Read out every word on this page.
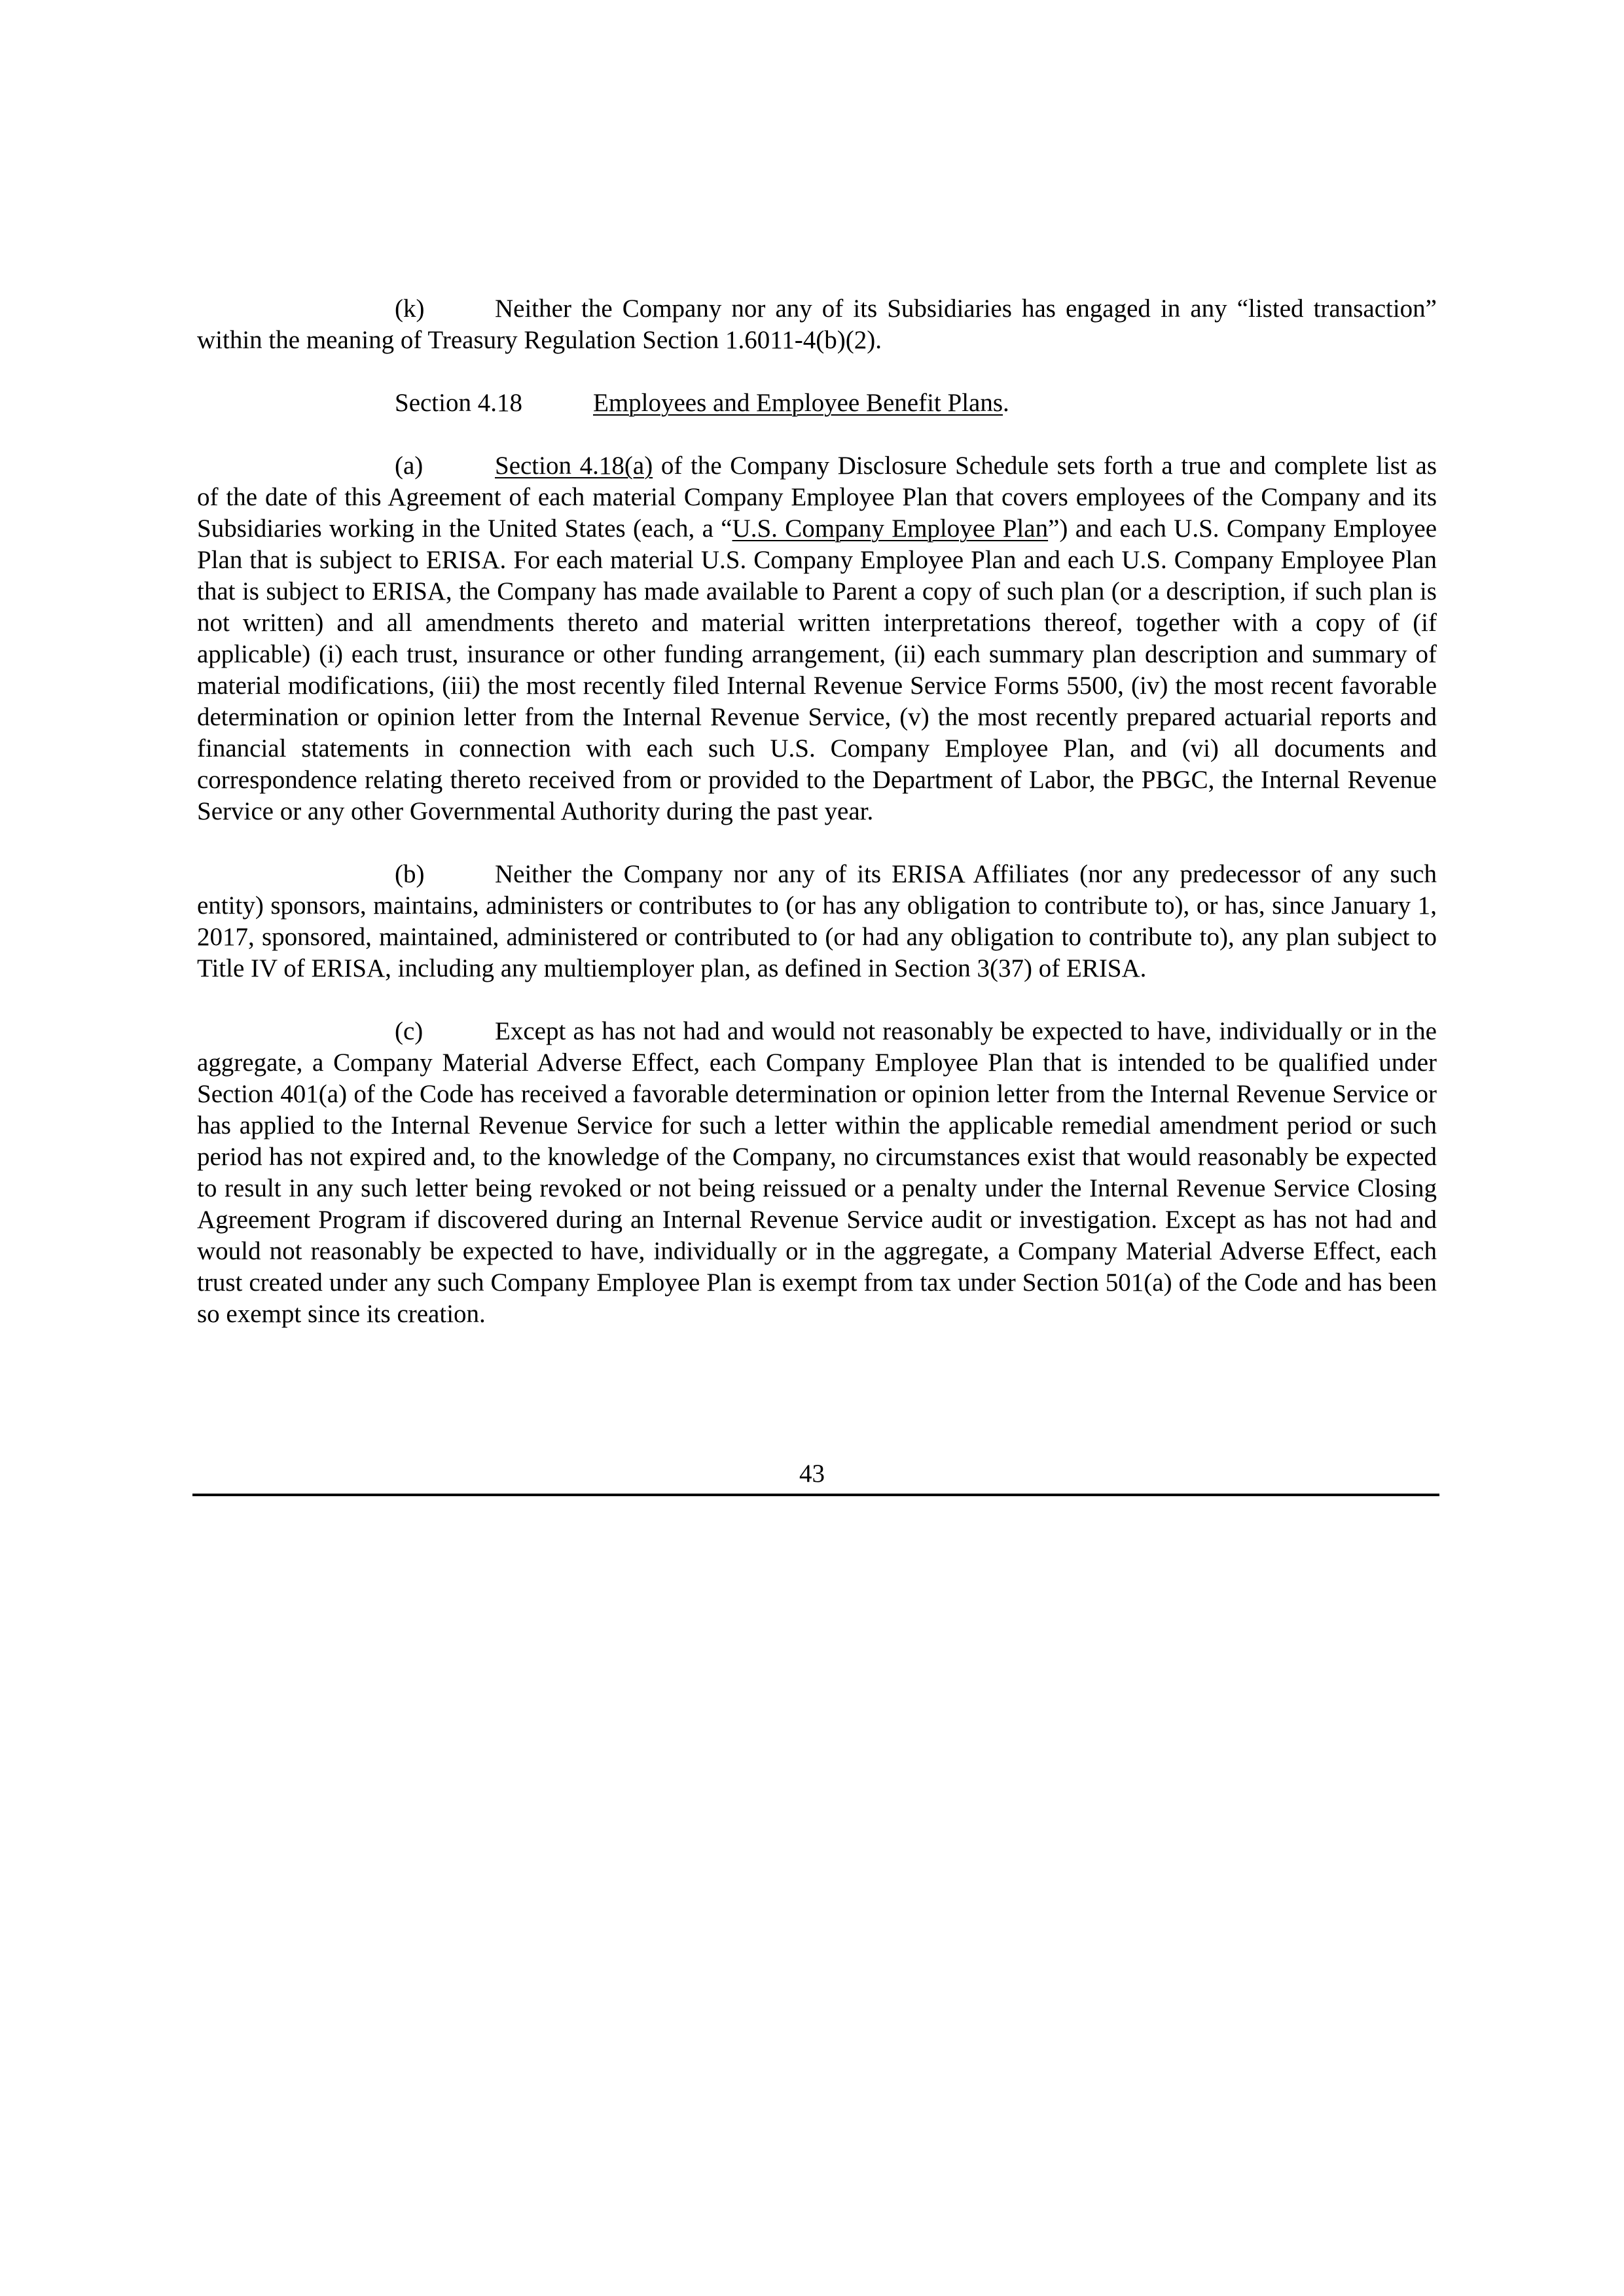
(k)	Neither the Company nor any of its Subsidiaries has engaged in any “listed transaction” within the meaning of Treasury Regulation Section 1.6011-4(b)(2).

Section 4.18	Employees and Employee Benefit Plans.

(a)	Section 4.18(a) of the Company Disclosure Schedule sets forth a true and complete list as of the date of this Agreement of each material Company Employee Plan that covers employees of the Company and its Subsidiaries working in the United States (each, a “U.S. Company Employee Plan”) and each U.S. Company Employee Plan that is subject to ERISA. For each material U.S. Company Employee Plan and each U.S. Company Employee Plan that is subject to ERISA, the Company has made available to Parent a copy of such plan (or a description, if such plan is not written) and all amendments thereto and material written interpretations thereof, together with a copy of (if applicable) (i) each trust, insurance or other funding arrangement, (ii) each summary plan description and summary of material modifications, (iii) the most recently filed Internal Revenue Service Forms 5500, (iv) the most recent favorable determination or opinion letter from the Internal Revenue Service, (v) the most recently prepared actuarial reports and financial statements in connection with each such U.S. Company Employee Plan, and (vi) all documents and correspondence relating thereto received from or provided to the Department of Labor, the PBGC, the Internal Revenue Service or any other Governmental Authority during the past year.

(b)	Neither the Company nor any of its ERISA Affiliates (nor any predecessor of any such entity) sponsors, maintains, administers or contributes to (or has any obligation to contribute to), or has, since January 1, 2017, sponsored, maintained, administered or contributed to (or had any obligation to contribute to), any plan subject to Title IV of ERISA, including any multiemployer plan, as defined in Section 3(37) of ERISA.

(c)	Except as has not had and would not reasonably be expected to have, individually or in the aggregate, a Company Material Adverse Effect, each Company Employee Plan that is intended to be qualified under Section 401(a) of the Code has received a favorable determination or opinion letter from the Internal Revenue Service or has applied to the Internal Revenue Service for such a letter within the applicable remedial amendment period or such period has not expired and, to the knowledge of the Company, no circumstances exist that would reasonably be expected to result in any such letter being revoked or not being reissued or a penalty under the Internal Revenue Service Closing Agreement Program if discovered during an Internal Revenue Service audit or investigation. Except as has not had and would not reasonably be expected to have, individually or in the aggregate, a Company Material Adverse Effect, each trust created under any such Company Employee Plan is exempt from tax under Section 501(a) of the Code and has been so exempt since its creation.

43
